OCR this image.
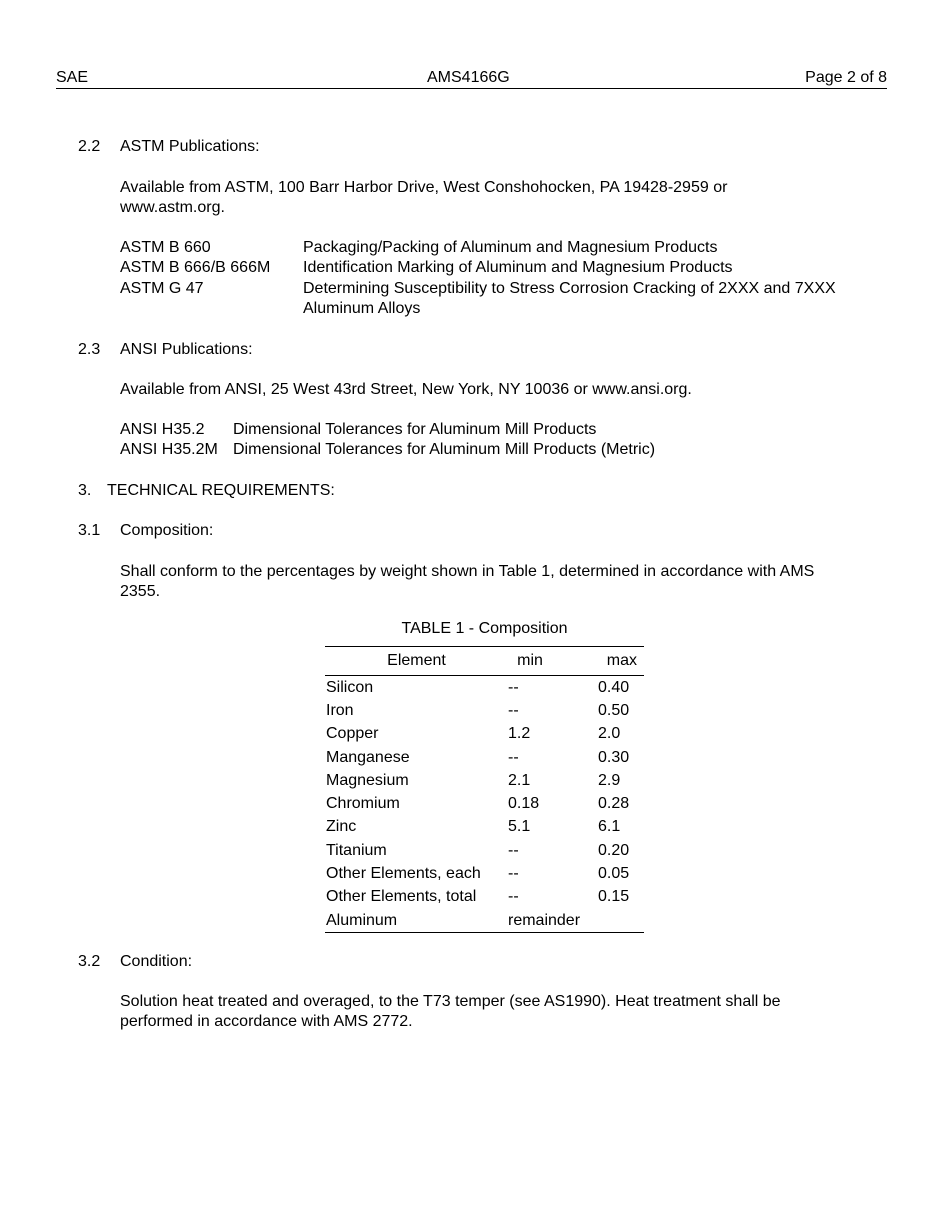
SAE	AMS4166G	Page 2 of 8
2.2 ASTM Publications:
Available from ASTM, 100 Barr Harbor Drive, West Conshohocken, PA 19428-2959 or www.astm.org.
ASTM B 660	Packaging/Packing of Aluminum and Magnesium Products
ASTM B 666/B 666M	Identification Marking of Aluminum and Magnesium Products
ASTM G 47	Determining Susceptibility to Stress Corrosion Cracking of 2XXX and 7XXX Aluminum Alloys
2.3 ANSI Publications:
Available from ANSI, 25 West 43rd Street, New York, NY 10036 or www.ansi.org.
ANSI H35.2	Dimensional Tolerances for Aluminum Mill Products
ANSI H35.2M	Dimensional Tolerances for Aluminum Mill Products (Metric)
3. TECHNICAL REQUIREMENTS:
3.1 Composition:
Shall conform to the percentages by weight shown in Table 1, determined in accordance with AMS 2355.
TABLE 1 - Composition
Element	min	max
Silicon	--	0.40
Iron	--	0.50
Copper	1.2	2.0
Manganese	--	0.30
Magnesium	2.1	2.9
Chromium	0.18	0.28
Zinc	5.1	6.1
Titanium	--	0.20
Other Elements, each	--	0.05
Other Elements, total	--	0.15
Aluminum	remainder	
3.2 Condition:
Solution heat treated and overaged, to the T73 temper (see AS1990). Heat treatment shall be performed in accordance with AMS 2772.
